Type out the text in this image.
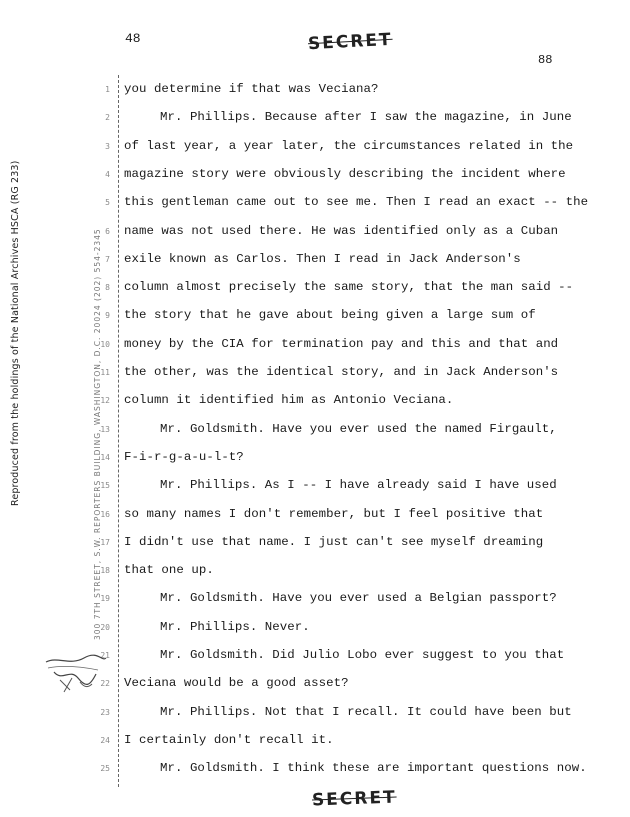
Reproduced from the holdings of the National Archives HSCA (RG 233)	300 7TH STREET, S.W. REPORTERS BUILDING, WASHINGTON, D.C. 20024 (202) 554-2345
48	SECRET
88
1 you determine if that was Veciana?
2	Mr. Phillips. Because after I saw the magazine, in June
3 of last year, a year later, the circumstances related in the
4 magazine story were obviously describing the incident where
5 this gentleman came out to see me. Then I read an exact -- the
6 name was not used there. He was identified only as a Cuban
7 exile known as Carlos. Then I read in Jack Anderson's
8 column almost precisely the same story, that the man said --
9 the story that he gave about being given a large sum of
10 money by the CIA for termination pay and this and that and
11 the other, was the identical story, and in Jack Anderson's
12 column it identified him as Antonio Veciana.
13	Mr. Goldsmith. Have you ever used the named Firgault,
14 F-i-r-g-a-u-l-t?
15	Mr. Phillips. As I -- I have already said I have used
16 so many names I don't remember, but I feel positive that
17 I didn't use that name. I just can't see myself dreaming
18 that one up.
19	Mr. Goldsmith. Have you ever used a Belgian passport?
20	Mr. Phillips. Never.
21	Mr. Goldsmith. Did Julio Lobo ever suggest to you that
22 Veciana would be a good asset?
23	Mr. Phillips. Not that I recall. It could have been but
24 I certainly don't recall it.
25	Mr. Goldsmith. I think these are important questions now.
SECRET
